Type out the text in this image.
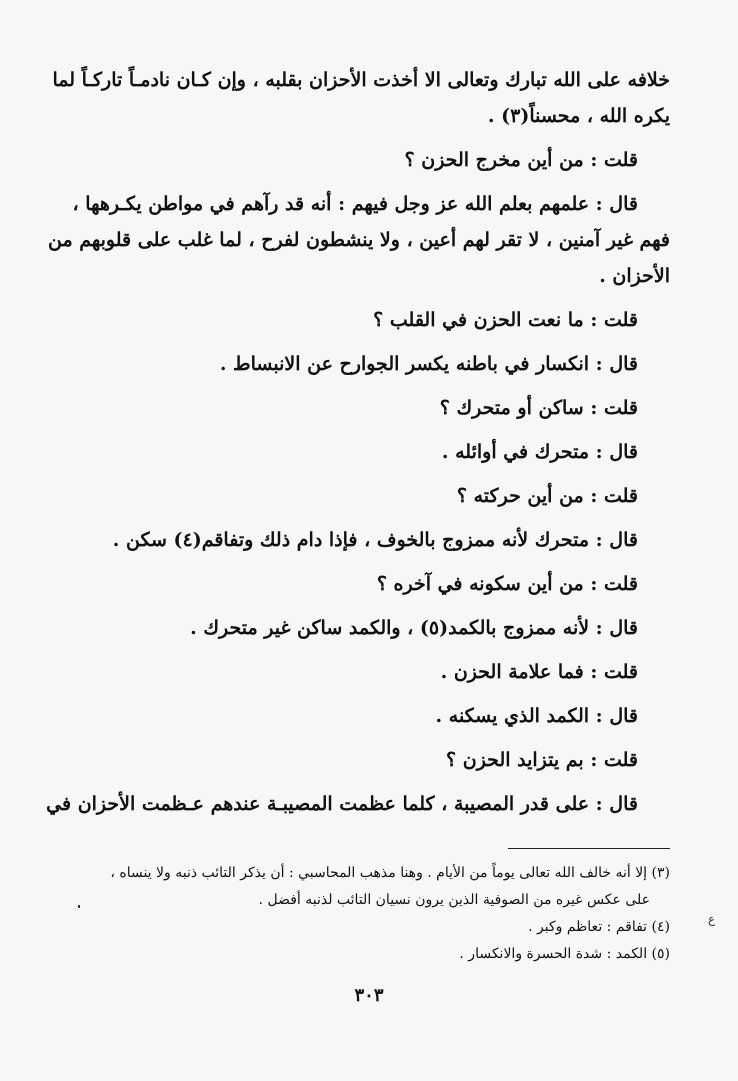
خلافه على الله تبارك وتعالى الا أخذت الأحزان بقلبه ، وإن كـان نادمـاً تاركـاً لما

يكره الله ، محسناً(٣) .

قلت : من أين مخرج الحزن ؟

قال : علمهم بعلم الله عز وجل فيهم : أنه قد رآهم في مواطن يكـرهها ،

فهم غير آمنين ، لا تقر لهم أعين ، ولا ينشطون لفرح ، لما غلب على قلوبهم من

الأحزان .

قلت : ما نعت الحزن في القلب ؟

قال : انكسار في باطنه يكسر الجوارح عن الانبساط .

قلت : ساكن أو متحرك ؟

قال : متحرك في أوائله .

قلت : من أين حركته ؟

قال : متحرك لأنه ممزوج بالخوف ، فإذا دام ذلك وتفاقم(٤) سكن .

قلت : من أين سكونه في آخره ؟

قال : لأنه ممزوج بالكمد(٥) ، والكمد ساكن غير متحرك .

قلت : فما علامة الحزن .

قال : الكمد الذي يسكنه .

قلت : بم يتزايد الحزن ؟

قال : على قدر المصيبة ، كلما عظمت المصيبـة عندهم عـظمت الأحزان في

(٣) إلا أنه خالف الله تعالى يوماً من الأيام . وهنا مذهب المحاسبي : أن يذكر التائب ذنبه ولا ينساه ،

على عكس غيره من الصوفية الذين يرون نسيان التائب لذنبه أفضل .

(٤) تفاقم : تعاظم وكبر .

(٥) الكمد : شدة الحسرة والانكسار .

ﻉ
٣٠٣
